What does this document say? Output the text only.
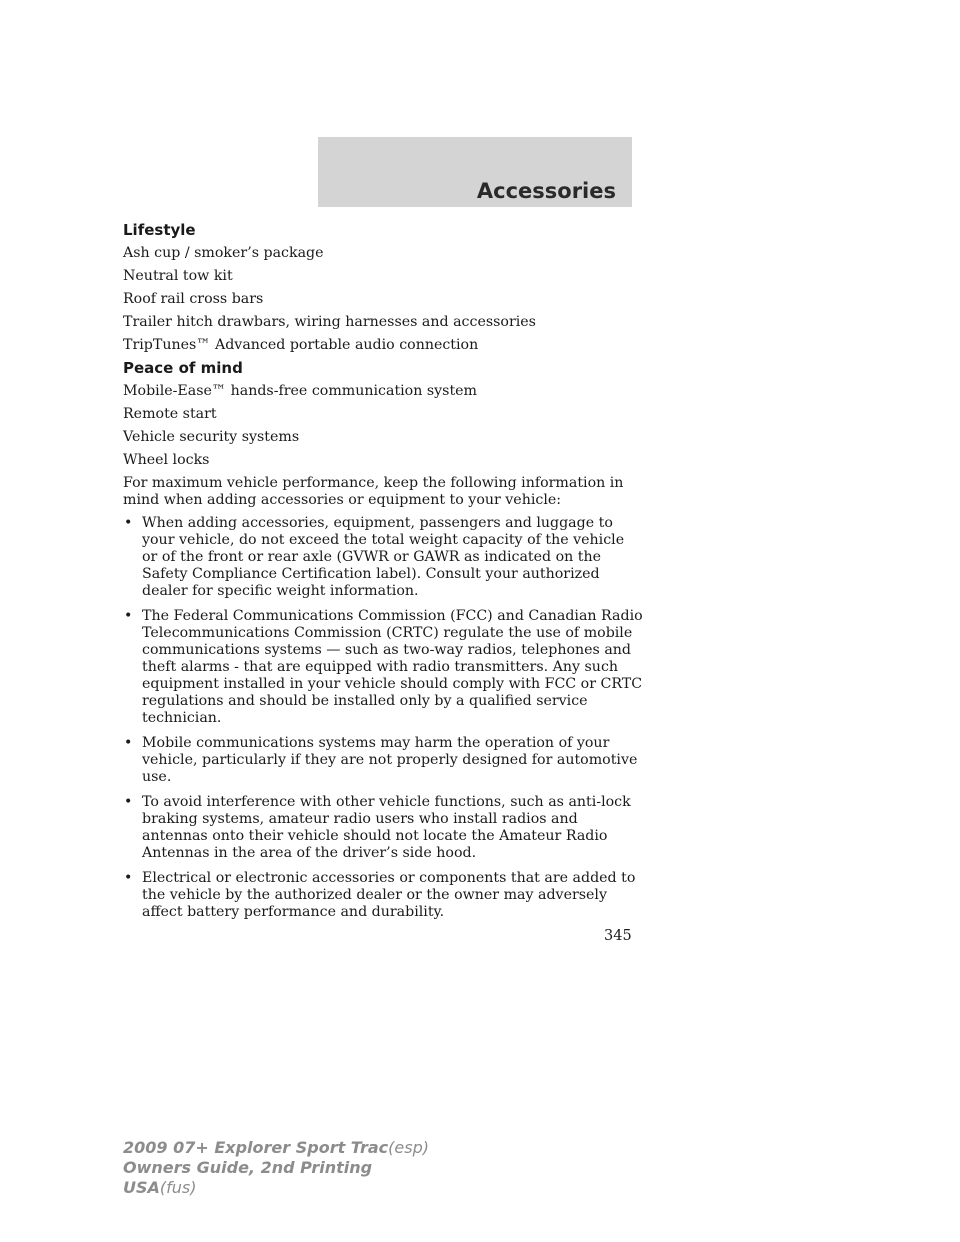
Accessories
Lifestyle
Ash cup / smoker’s package
Neutral tow kit
Roof rail cross bars
Trailer hitch drawbars, wiring harnesses and accessories
TripTunes™ Advanced portable audio connection
Peace of mind
Mobile-Ease™ hands-free communication system
Remote start
Vehicle security systems
Wheel locks

For maximum vehicle performance, keep the following information in mind when adding accessories or equipment to your vehicle:

• When adding accessories, equipment, passengers and luggage to your vehicle, do not exceed the total weight capacity of the vehicle or of the front or rear axle (GVWR or GAWR as indicated on the Safety Compliance Certification label). Consult your authorized dealer for specific weight information.
• The Federal Communications Commission (FCC) and Canadian Radio Telecommunications Commission (CRTC) regulate the use of mobile communications systems — such as two-way radios, telephones and theft alarms - that are equipped with radio transmitters. Any such equipment installed in your vehicle should comply with FCC or CRTC regulations and should be installed only by a qualified service technician.
• Mobile communications systems may harm the operation of your vehicle, particularly if they are not properly designed for automotive use.
• To avoid interference with other vehicle functions, such as anti-lock braking systems, amateur radio users who install radios and antennas onto their vehicle should not locate the Amateur Radio Antennas in the area of the driver’s side hood.
• Electrical or electronic accessories or components that are added to the vehicle by the authorized dealer or the owner may adversely affect battery performance and durability.
345
2009 07+ Explorer Sport Trac(esp)
Owners Guide, 2nd Printing
USA(fus)
